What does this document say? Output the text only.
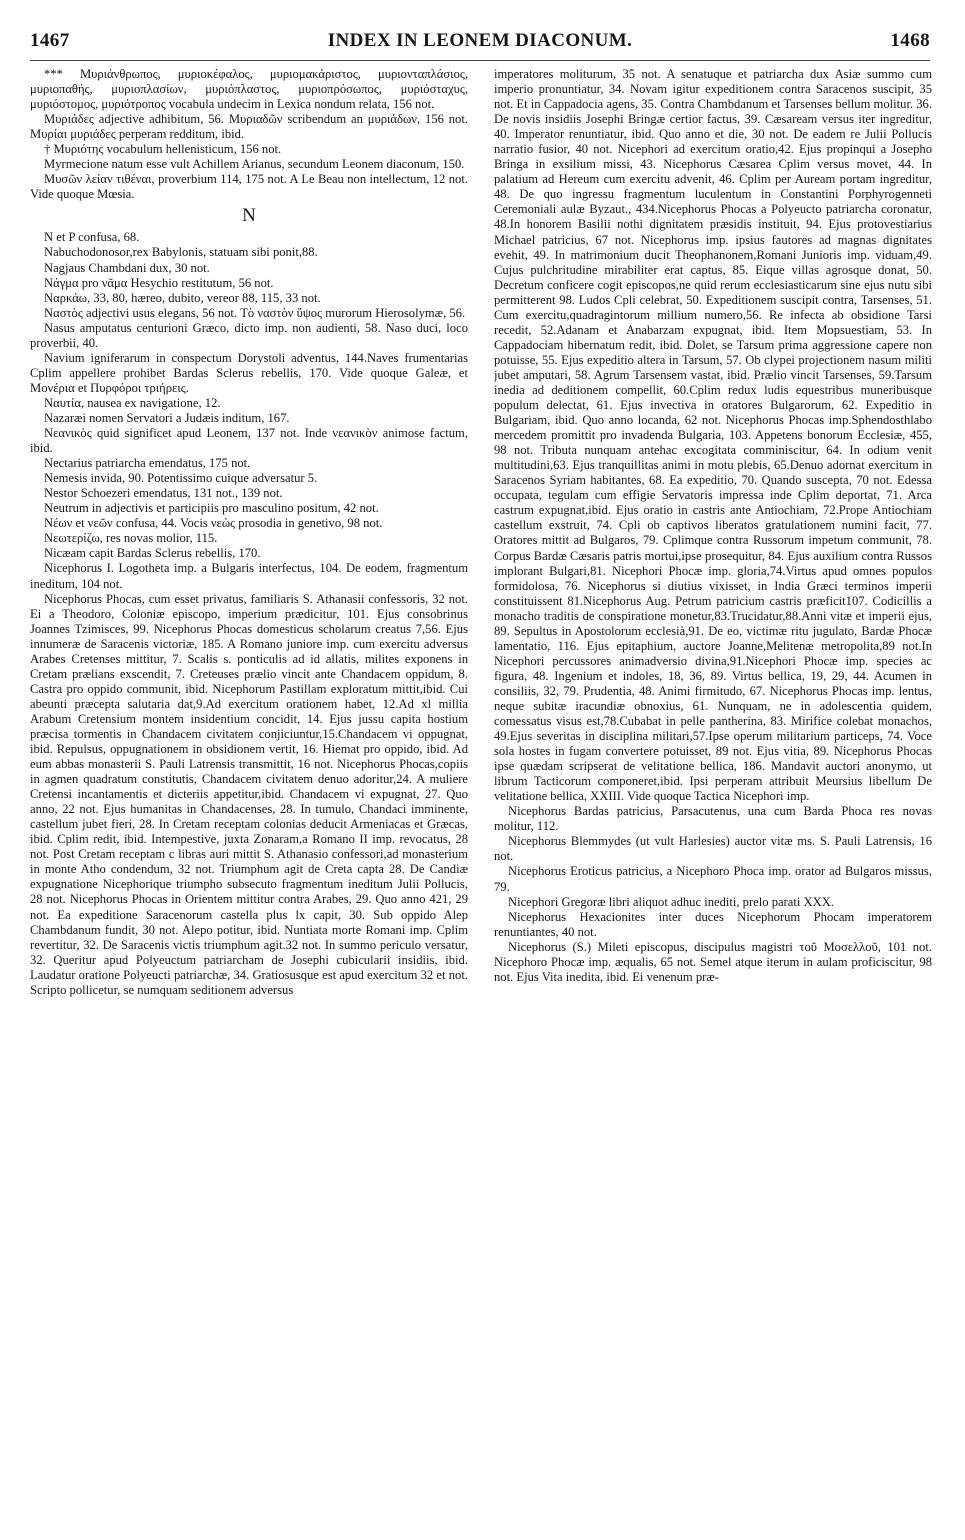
1467	INDEX IN LEONEM DIACONUM.	1468

*** Μυριάνθρωπος, μυριοκέφαλος, μυριομακάριστος, μυριονταπλάσιος, μυριοπαθής, μυριοπλασίων, μυριόπλαστος, μυριοπρόσωπος, μυριόσταχυς, μυριόστομος, μυριότροπος vocabula undecim in Lexica nondum relata, 156 not.

Μυριάδες adjective adhibitum, 56. Μυριαδῶν scribendum an μυριάδων, 156 not. Μυρίαι μυριάδες perperam redditum, ibid.

† Μυριότης vocabulum hellenisticum, 156 not.

Myrmecione natum esse vult Achillem Arianus, secundum Leonem diaconum, 150.

Μυσῶν λείαν τιθέναι, proverbium 114, 175 not. A Le Beau non intellectum, 12 not. Vide quoque Mœsia.

N

N et P confusa, 68.

Nabuchodonosor,rex Babylonis, statuam sibi ponit,88.

Nagjaus Chambdani dux, 30 not.

Νάγμα pro νᾶμα Hesychio restitutum, 56 not.

Ναρκάω, 33, 80, hæreo, dubito, vereor 88, 115, 33 not.

Ναστὸς adjectivi usus elegans, 56 not. Τὸ ναστὸν ὕψος murorum Hierosolymæ, 56.

Nasus amputatus centurioni Græco, dicto imp. non audienti, 58. Naso duci, loco proverbii, 40.

Navium igniferarum in conspectum Dorystoli adventus, 144.Naves frumentarias Cplim appellere prohibet Bardas Sclerus rebellis, 170. Vide quoque Galeæ, et Μονέρια et Πυρφόροι τριήρεις.

Ναυτία, nausea ex navigatione, 12.

Nazaræi nomen Servatori a Judæis inditum, 167.

Νεανικὸς quid significet apud Leonem, 137 not. Inde νεανικὸν animose factum, ibid.

Nectarius patriarcha emendatus, 175 not.

Nemesis invida, 90. Potentissimo cuique adversatur 5.

Nestor Schoezeri emendatus, 131 not., 139 not.

Neutrum in adjectivis et participiis pro masculino positum, 42 not.

Νέων et νεῶν confusa, 44. Vocis νεὼς prosodia in genetivo, 98 not.

Νεωτερίζω, res novas molior, 115.

Nicæam capit Bardas Sclerus rebellis, 170.

Nicephorus I. Logotheta imp. a Bulgaris interfectus, 104. De eodem, fragmentum ineditum, 104 not.

Nicephorus Phocas, cum esset privatus, familiaris S. Athanasii confessoris, 32 not. Ei a Theodoro, Coloniæ episcopo, imperium prædicitur, 101. Ejus consobrinus Joannes Tzimisces, 99. Nicephorus Phocas domesticus scholarum creatus 7,56. Ejus innumeræ de Saracenis victoriæ, 185. A Romano juniore imp. cum exercitu adversus Arabes Cretenses mittitur, 7. Scalis s. ponticulis ad id allatis, milites exponens in Cretam prælians exscendit, 7. Creteuses prælio vincit ante Chandacem oppidum, 8. Castra pro oppido communit, ibid. Nicephorum Pastillam exploratum mittit,ibid. Cui abeunti præcepta salutaria dat,9.Ad exercitum orationem habet, 12.Ad xl millia Arabum Cretensium montem insidentium concidit, 14. Ejus jussu capita hostium præcisa tormentis in Chandacem civitatem conjiciuntur,15.Chandacem vi oppugnat, ibid. Repulsus, oppugnationem in obsidionem vertit, 16. Hiemat pro oppido, ibid. Ad eum abbas monasterii S. Pauli Latrensis transmittit, 16 not. Nicephorus Phocas,copiis in agmen quadratum constitutis, Chandacem civitatem denuo adoritur,24. A muliere Cretensi incantamentis et dicteriis appetitur,ibid. Chandacem vi expugnat, 27. Quo anno, 22 not. Ejus humanitas in Chandacenses, 28. In tumulo, Chandaci imminente, castellum jubet fieri, 28. In Cretam receptam colonias deducit Armeniacas et Græcas, ibid. Cplim redit, ibid. Intempestive, juxta Zonaram,a Romano II imp. revocatus, 28 not. Post Cretam receptam c libras auri mittit S. Athanasio confessori,ad monasterium in monte Atho condendum, 32 not. Triumphum agit de Creta capta 28. De Candiæ expugnatione Nicephorique triumpho subsecuto fragmentum ineditum Julii Pollucis, 28 not. Nicephorus Phocas in Orientem mittitur contra Arabes, 29. Quo anno 421, 29 not. Ea expeditione Saracenorum castella plus lx capit, 30. Sub oppido Alep Chambdanum fundit, 30 not. Alepo potitur, ibid. Nuntiata morte Romani imp. Cplim revertitur, 32. De Saracenis victis triumphum agit.32 not. In summo periculo versatur, 32. Queritur apud Polyeuctum patriarcham de Josephi cubicularii insidiis, ibid. Laudatur oratione Polyeucti patriarchæ, 34. Gratiosusque est apud exercitum 32 et not. Scripto pollicetur, se numquam seditionem adversus

imperatores moliturum, 35 not. A senatuque et patriarcha dux Asiæ summo cum imperio pronuntiatur, 34. Novam igitur expeditionem contra Saracenos suscipit, 35 not. Et in Cappadocia agens, 35. Contra Chambdanum et Tarsenses bellum molitur. 36. De novis insidiis Josephi Bringæ certior factus, 39. Cæsaream versus iter ingreditur, 40. Imperator renuntiatur, ibid. Quo anno et die, 30 not. De eadem re Julii Pollucis narratio fusior, 40 not. Nicephori ad exercitum oratio,42. Ejus propinqui a Josepho Bringa in exsilium missi, 43. Nicephorus Cæsarea Cplim versus movet, 44. In palatium ad Hereum cum exercitu advenit, 46. Cplim per Auream portam ingreditur, 48. De quo ingressu fragmentum luculentum in Constantini Porphyrogenneti Ceremoniali aulæ Byzaut., 434.Nicephorus Phocas a Polyeucto patriarcha coronatur, 48.In honorem Basilii nothi dignitatem præsidis instituit, 94. Ejus protovestiarius Michael patricius, 67 not. Nicephorus imp. ipsius fautores ad magnas dignitates evehit, 49. In matrimonium ducit Theophanonem,Romani Junioris imp. viduam,49. Cujus pulchritudine mirabiliter erat captus, 85. Eique villas agrosque donat, 50. Decretum conficere cogit episcopos,ne quid rerum ecclesiasticarum sine ejus nutu sibi permitterent 98. Ludos Cpli celebrat, 50. Expeditionem suscipit contra, Tarsenses, 51. Cum exercitu,quadragintorum millium numero,56. Re infecta ab obsidione Tarsi recedit, 52.Adanam et Anabarzam expugnat, ibid. Item Mopsuestiam, 53. In Cappadociam hibernatum redit, ibid. Dolet, se Tarsum prima aggressione capere non potuisse, 55. Ejus expeditio altera in Tarsum, 57. Ob clypei projectionem nasum militi jubet amputari, 58. Agrum Tarsensem vastat, ibid. Prælio vincit Tarsenses, 59.Tarsum inedia ad deditionem compellit, 60.Cplim redux ludis equestribus muneribusque populum delectat, 61. Ejus invectiva in oratores Bulgarorum, 62. Expeditio in Bulgariam, ibid. Quo anno locanda, 62 not. Nicephorus Phocas imp.Sphendosthlabo mercedem promittit pro invadenda Bulgaria, 103. Appetens bonorum Ecclesiæ, 455, 98 not. Tributa nunquam antehac excogitata comminiscitur, 64. In odium venit multitudini,63. Ejus tranquillitas animi in motu plebis, 65.Denuo adornat exercitum in Saracenos Syriam habitantes, 68. Ea expeditio, 70. Quando suscepta, 70 not. Edessa occupata, tegulam cum effigie Servatoris impressa inde Cplim deportat, 71. Arca castrum expugnat,ibid. Ejus oratio in castris ante Antiochiam, 72.Prope Antiochiam castellum exstruit, 74. Cpli ob captivos liberatos gratulationem numini facit, 77. Oratores mittit ad Bulgaros, 79. Cplimque contra Russorum impetum communit, 78. Corpus Bardæ Cæsaris patris mortui,ipse prosequitur, 84. Ejus auxilium contra Russos implorant Bulgari,81. Nicephori Phocæ imp. gloria,74.Virtus apud omnes populos formidolosa, 76. Nicephorus si diutius vixisset, in India Græci terminos imperii constituissent 81.Nicephorus Aug. Petrum patricium castris præficit107. Codicillis a monacho traditis de conspiratione monetur,83.Trucidatur,88.Anni vitæ et imperii ejus, 89. Sepultus in Apostolorum ecclesià,91. De eo, victimæ ritu jugulato, Bardæ Phocæ lamentatio, 116. Ejus epitaphium, auctore Joanne,Melitenæ metropolita,89 not.In Nicephori percussores animadversio divina,91.Nicephori Phocæ imp. species ac figura, 48. Ingenium et indoles, 18, 36, 89. Virtus bellica, 19, 29, 44. Acumen in consiliis, 32, 79. Prudentia, 48. Animi firmitudo, 67. Nicephorus Phocas imp. lentus, neque subitæ iracundiæ obnoxius, 61. Nunquam, ne in adolescentia quidem, comessatus visus est,78.Cubabat in pelle pantherina, 83. Mirifice colebat monachos, 49.Ejus severitas in disciplina militari,57.Ipse operum militarium particeps, 74. Voce sola hostes in fugam convertere potuisset, 89 not. Ejus vitia, 89. Nicephorus Phocas ipse quædam scripserat de velitatione bellica, 186. Mandavit auctori anonymo, ut librum Tacticorum componeret,ibid. Ipsi perperam attribuit Meursius libellum De velitatione bellica, XXIII. Vide quoque Tactica Nicephori imp.

Nicephorus Bardas patricius, Parsacutenus, una cum Barda Phoca res novas molitur, 112.

Nicephorus Blemmydes (ut vult Harlesies) auctor vitæ ms. S. Pauli Latrensis, 16 not.

Nicephorus Eroticus patricius, a Nicephoro Phoca imp. orator ad Bulgaros missus, 79.

Nicephori Gregoræ libri aliquot adhuc inediti, prelo parati XXX.

Nicephorus Hexacionites inter duces Nicephorum Phocam imperatorem renuntiantes, 40 not.

Nicephorus (S.) Mileti episcopus, discipulus magistri τοῦ Μοσελλοῦ, 101 not. Nicephoro Phocæ imp. æqualis, 65 not. Semel atque iterum in aulam proficiscitur, 98 not. Ejus Vita inedita, ibid. Ei venenum præ-
